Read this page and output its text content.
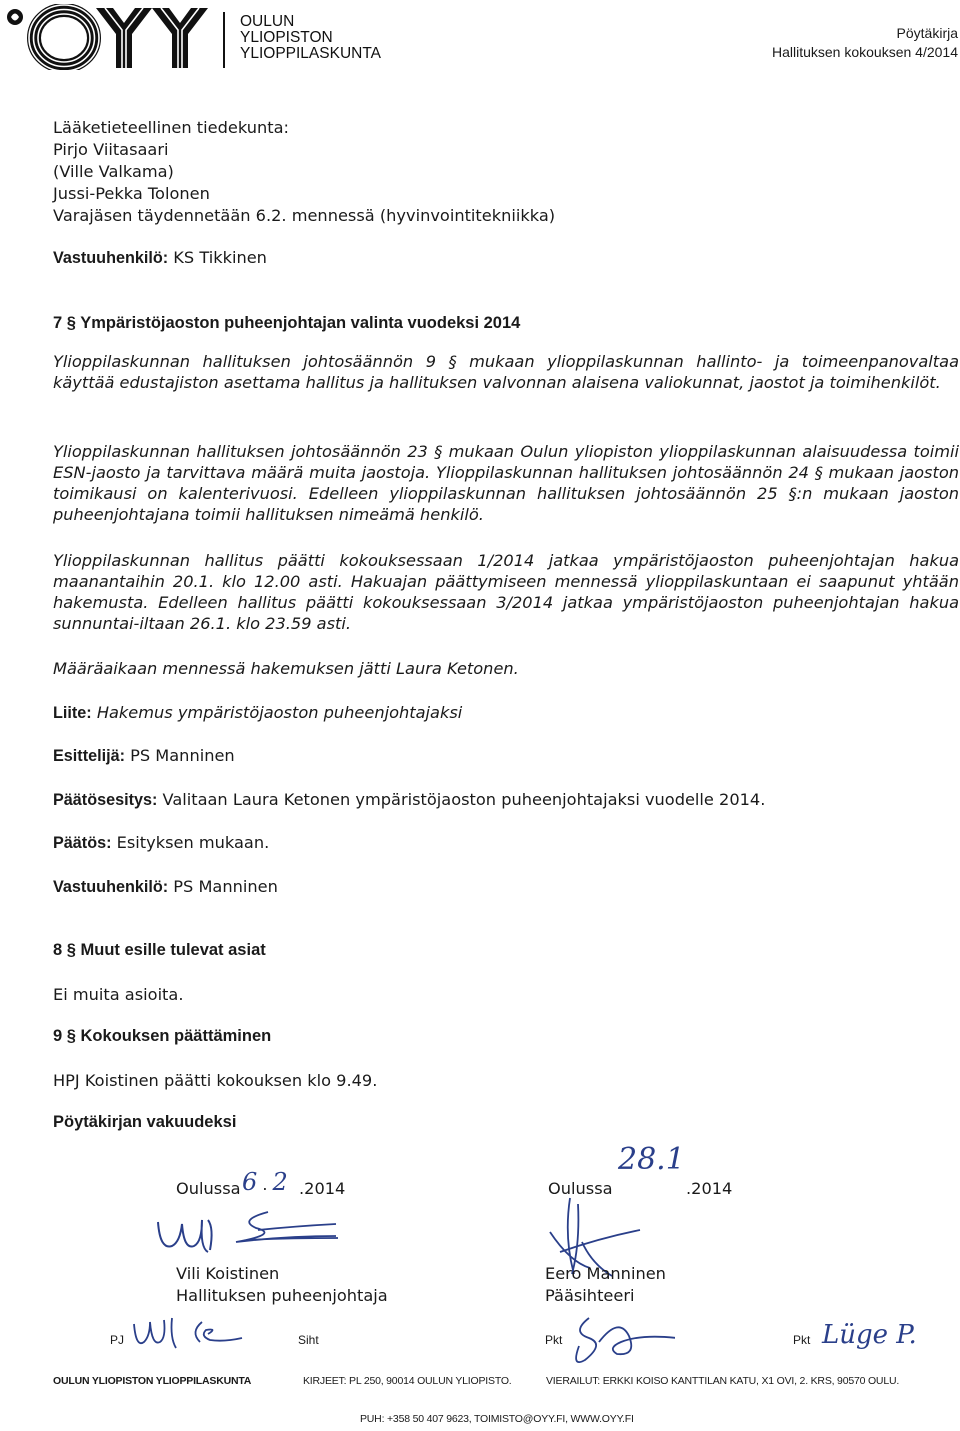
OULUN
YLIOPISTON
YLIOPPILASKUNTA
Pöytäkirja
Hallituksen kokouksen 4/2014
Lääketieteellinen tiedekunta:
Pirjo Viitasaari
(Ville Valkama)
Jussi-Pekka Tolonen
Varajäsen täydennetään 6.2. mennessä (hyvinvointitekniikka)
Vastuuhenkilö: KS Tikkinen
7 § Ympäristöjaoston puheenjohtajan valinta vuodeksi 2014
Ylioppilaskunnan hallituksen johtosäännön 9 § mukaan ylioppilaskunnan hallinto- ja toimeenpanovaltaa käyttää edustajiston asettama hallitus ja hallituksen valvonnan alaisena valiokunnat, jaostot ja toimihenkilöt.
Ylioppilaskunnan hallituksen johtosäännön 23 § mukaan Oulun yliopiston ylioppilaskunnan alaisuudessa toimii ESN-jaosto ja tarvittava määrä muita jaostoja. Ylioppilaskunnan hallituksen johtosäännön 24 § mukaan jaoston toimikausi on kalenterivuosi. Edelleen ylioppilaskunnan hallituksen johtosäännön 25 §:n mukaan jaoston puheenjohtajana toimii hallituksen nimeämä henkilö.
Ylioppilaskunnan hallitus päätti kokouksessaan 1/2014 jatkaa ympäristöjaoston puheenjohtajan hakua maanantaihin 20.1. klo 12.00 asti. Hakuajan päättymiseen mennessä ylioppilaskuntaan ei saapunut yhtään hakemusta. Edelleen hallitus päätti kokouksessaan 3/2014 jatkaa ympäristöjaoston puheenjohtajan hakua sunnuntai-iltaan 26.1. klo 23.59 asti.
Määräaikaan mennessä hakemuksen jätti Laura Ketonen.
Liite: Hakemus ympäristöjaoston puheenjohtajaksi
Esittelijä: PS Manninen
Päätösesitys: Valitaan Laura Ketonen ympäristöjaoston puheenjohtajaksi vuodelle 2014.
Päätös: Esityksen mukaan.
Vastuuhenkilö: PS Manninen
8 § Muut esille tulevat asiat
Ei muita asioita.
9 § Kokouksen päättäminen
HPJ Koistinen päätti kokouksen klo 9.49.
Pöytäkirjan vakuudeksi
Oulussa 6 . 2 .2014
Vili Koistinen
Hallituksen puheenjohtaja
Oulussa
28.1
.2014
Eero Manninen
Pääsihteeri
PJ	Siht	Pkt	Pkt Lüge P.
OULUN YLIOPISTON YLIOPPILASKUNTA	KIRJEET: PL 250, 90014 OULUN YLIOPISTO.	VIERAILUT: ERKKI KOISO KANTTILAN KATU, X1 OVI, 2. KRS, 90570 OULU.
PUH: +358 50 407 9623, TOIMISTO@OYY.FI, WWW.OYY.FI
